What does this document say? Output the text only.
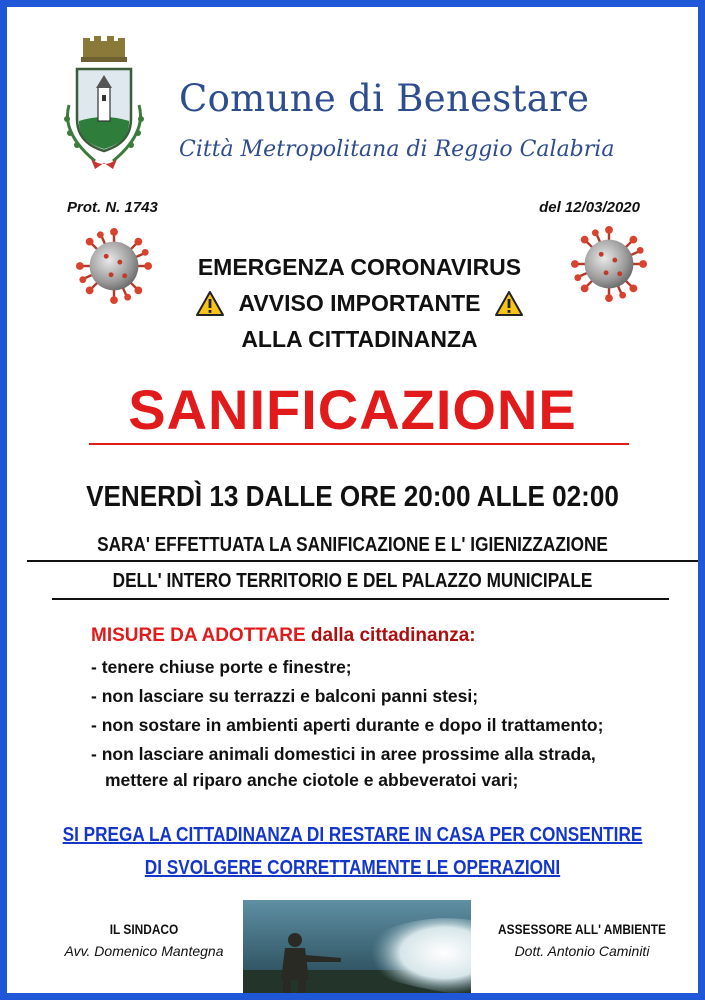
Comune di Benestare
Città Metropolitana di Reggio Calabria
Prot. N. 1743	del 12/03/2020
EMERGENZA CORONAVIRUS
AVVISO IMPORTANTE
ALLA CITTADINANZA
SANIFICAZIONE
VENERDÌ 13 DALLE ORE 20:00 ALLE 02:00
SARA' EFFETTUATA LA SANIFICAZIONE E L' IGIENIZZAZIONE
DELL' INTERO TERRITORIO E DEL PALAZZO MUNICIPALE
MISURE DA ADOTTARE dalla cittadinanza:
- tenere chiuse porte e finestre;
- non lasciare su terrazzi e balconi panni stesi;
- non sostare in ambienti aperti durante e dopo il trattamento;
- non lasciare animali domestici in aree prossime alla strada,
mettere al riparo anche ciotole e abbeveratoi vari;
SI PREGA LA CITTADINANZA DI RESTARE IN CASA PER CONSENTIRE
DI SVOLGERE CORRETTAMENTE LE OPERAZIONI
IL SINDACO
Avv. Domenico Mantegna
ASSESSORE ALL' AMBIENTE
Dott. Antonio Caminiti
